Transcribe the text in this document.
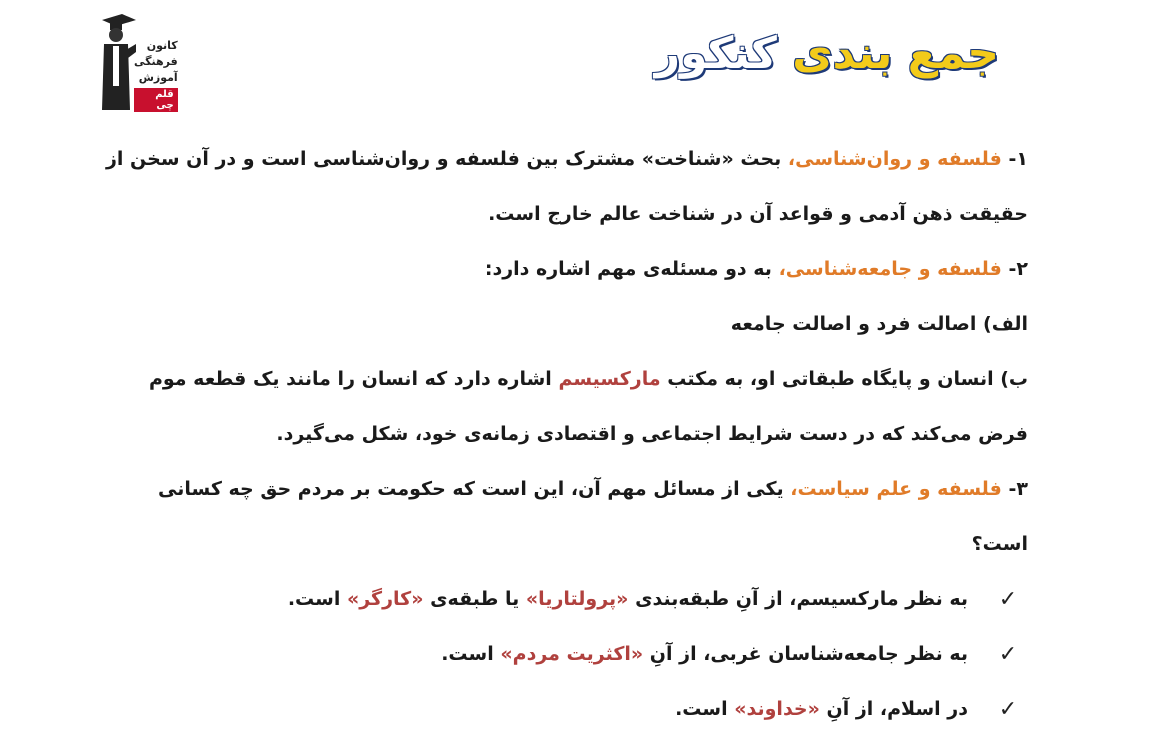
کانون
فرهنگی
آموزش
قلم چی
جمع بندی کنکور

۱- فلسفه و روان‌شناسی، بحث «شناخت» مشترک بین فلسفه و روان‌شناسی است و در آن سخن از

حقیقت ذهن آدمی و قواعد آن در شناخت عالم خارج است.

۲- فلسفه و جامعه‌شناسی، به دو مسئله‌ی مهم اشاره دارد:

الف) اصالت فرد و اصالت جامعه

ب) انسان و پایگاه طبقاتی او، به مکتب مارکسیسم اشاره دارد که انسان را مانند یک قطعه موم

فرض می‌کند که در دست شرایط اجتماعی و اقتصادی زمانه‌ی خود، شکل می‌گیرد.

۳- فلسفه و علم سیاست، یکی از مسائل مهم آن، این است که حکومت بر مردم حق چه کسانی

است؟

✓
به نظر مارکسیسم، از آنِ طبقه‌بندی «پرولتاریا» یا طبقه‌ی «کارگر» است.
✓
به نظر جامعه‌شناسان غربی، از آنِ «اکثریت مردم» است.
✓
در اسلام، از آنِ «خداوند» است.
